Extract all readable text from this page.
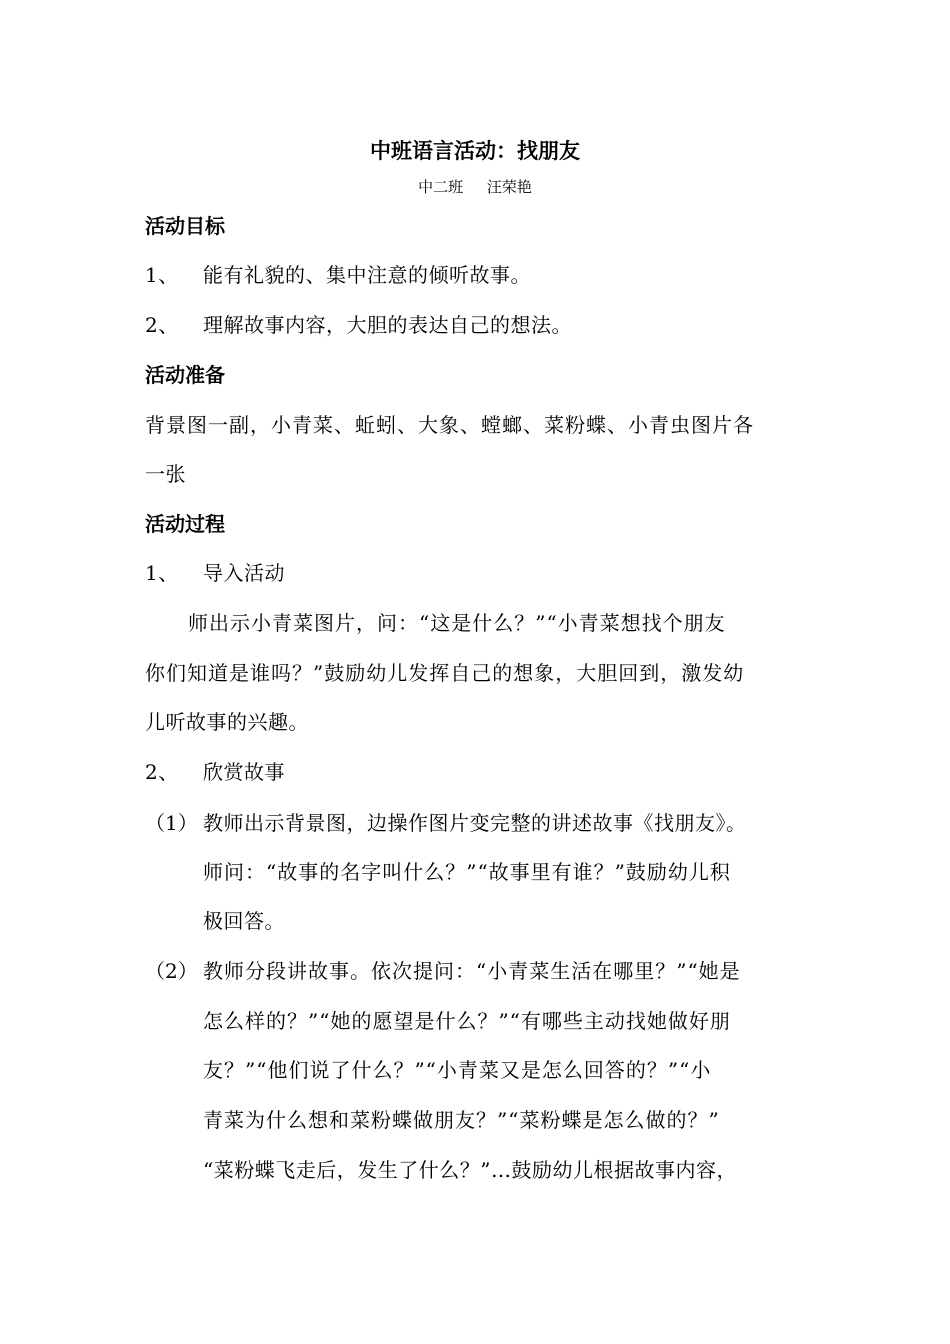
中班语言活动：找朋友
中二班     汪荣艳
活动目标
1、 能有礼貌的、集中注意的倾听故事。
2、 理解故事内容，大胆的表达自己的想法。
活动准备
背景图一副，小青菜、蚯蚓、大象、螳螂、菜粉蝶、小青虫图片各
一张
活动过程
1、 导入活动
师出示小青菜图片，问：“这是什么？”“小青菜想找个朋友
你们知道是谁吗？”鼓励幼儿发挥自己的想象，大胆回到，激发幼
儿听故事的兴趣。
2、 欣赏故事
（1） 教师出示背景图，边操作图片变完整的讲述故事《找朋友》。
师问：“故事的名字叫什么？”“故事里有谁？”鼓励幼儿积
极回答。
（2） 教师分段讲故事。依次提问：“小青菜生活在哪里？”“她是
怎么样的？”“她的愿望是什么？”“有哪些主动找她做好朋
友？”“他们说了什么？”“小青菜又是怎么回答的？”“小
青菜为什么想和菜粉蝶做朋友？”“菜粉蝶是怎么做的？”
“菜粉蝶飞走后，发生了什么？”…鼓励幼儿根据故事内容，
